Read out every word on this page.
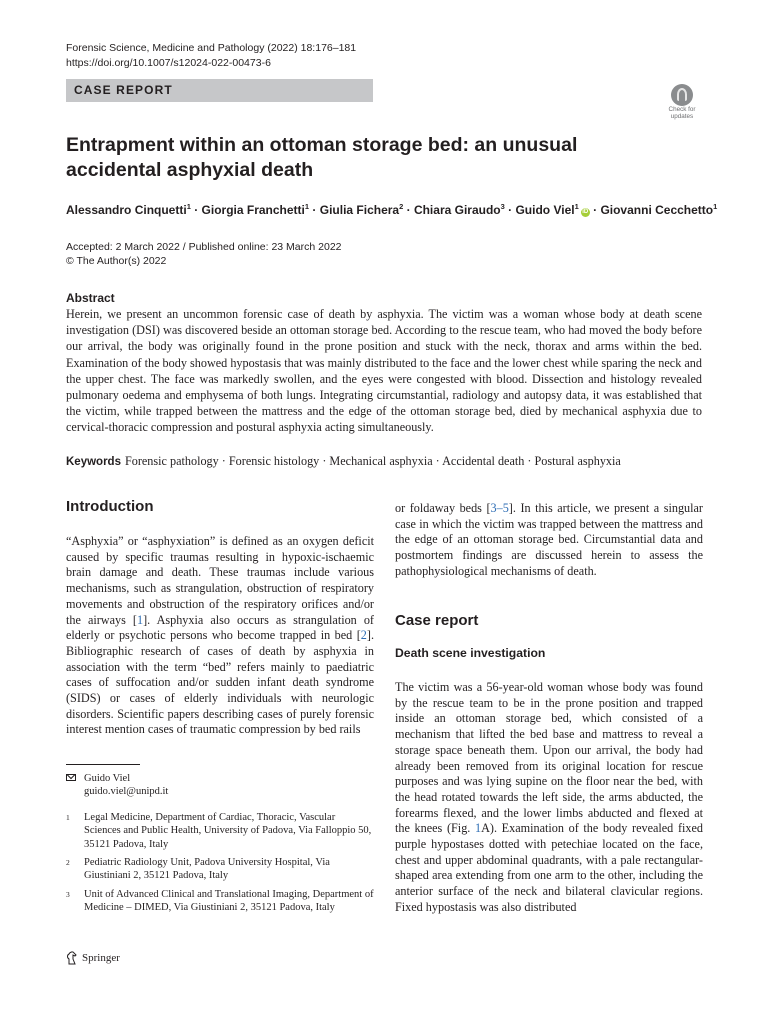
Forensic Science, Medicine and Pathology (2022) 18:176–181
https://doi.org/10.1007/s12024-022-00473-6
CASE REPORT
Check for
updates
Entrapment within an ottoman storage bed: an unusual accidental asphyxial death
Alessandro Cinquetti$^1$ · Giorgia Franchetti$^1$ · Giulia Fichera$^2$ · Chiara Giraudo$^3$ · Guido Viel$^1$iD · Giovanni Cecchetto$^1$
Accepted: 2 March 2022 / Published online: 23 March 2022
© The Author(s) 2022
Abstract

Herein, we present an uncommon forensic case of death by asphyxia. The victim was a woman whose body at death scene investigation (DSI) was discovered beside an ottoman storage bed. According to the rescue team, who had moved the body before our arrival, the body was originally found in the prone position and stuck with the neck, thorax and arms within the bed. Examination of the body showed hypostasis that was mainly distributed to the face and the lower chest while sparing the neck and the upper chest. The face was markedly swollen, and the eyes were congested with blood. Dissection and histology revealed pulmonary oedema and emphysema of both lungs. Integrating circumstantial, radiology and autopsy data, it was established that the victim, while trapped between the mattress and the edge of the ottoman storage bed, died by mechanical asphyxia due to cervical-thoracic compression and postural asphyxia acting simultaneously.

Keywords Forensic pathology · Forensic histology · Mechanical asphyxia · Accidental death · Postural asphyxia
Introduction

“Asphyxia” or “asphyxiation” is defined as an oxygen deficit caused by specific traumas resulting in hypoxic-ischaemic brain damage and death. These traumas include various mechanisms, such as strangulation, obstruction of respiratory movements and obstruction of the respiratory orifices and/or the airways [1]. Asphyxia also occurs as strangulation of elderly or psychotic persons who become trapped in bed [2]. Bibliographic research of cases of death by asphyxia in association with the term “bed” refers mainly to paediatric cases of suffocation and/or sudden infant death syndrome (SIDS) or cases of elderly individuals with neurologic disorders. Scientific papers describing cases of purely forensic interest mention cases of traumatic compression by bed rails

Guido Viel
guido.viel@unipd.it
1 Legal Medicine, Department of Cardiac, Thoracic, Vascular Sciences and Public Health, University of Padova, Via Falloppio 50, 35121 Padova, Italy
2 Pediatric Radiology Unit, Padova University Hospital, Via Giustiniani 2, 35121 Padova, Italy
3 Unit of Advanced Clinical and Translational Imaging, Department of Medicine – DIMED, Via Giustiniani 2, 35121 Padova, Italy
Springer

or foldaway beds [3–5]. In this article, we present a singular case in which the victim was trapped between the mattress and the edge of an ottoman storage bed. Circumstantial data and postmortem findings are discussed herein to assess the pathophysiological mechanisms of death.

Case report
Death scene investigation

The victim was a 56-year-old woman whose body was found by the rescue team to be in the prone position and trapped inside an ottoman storage bed, which consisted of a mechanism that lifted the bed base and mattress to reveal a storage space beneath them. Upon our arrival, the body had already been removed from its original location for rescue purposes and was lying supine on the floor near the bed, with the head rotated towards the left side, the arms abducted, the forearms flexed, and the lower limbs abducted and flexed at the knees (Fig. 1A). Examination of the body revealed fixed purple hypostases dotted with petechiae located on the face, chest and upper abdominal quadrants, with a pale rectangular-shaped area extending from one arm to the other, including the anterior surface of the neck and bilateral clavicular regions. Fixed hypostasis was also distributed
